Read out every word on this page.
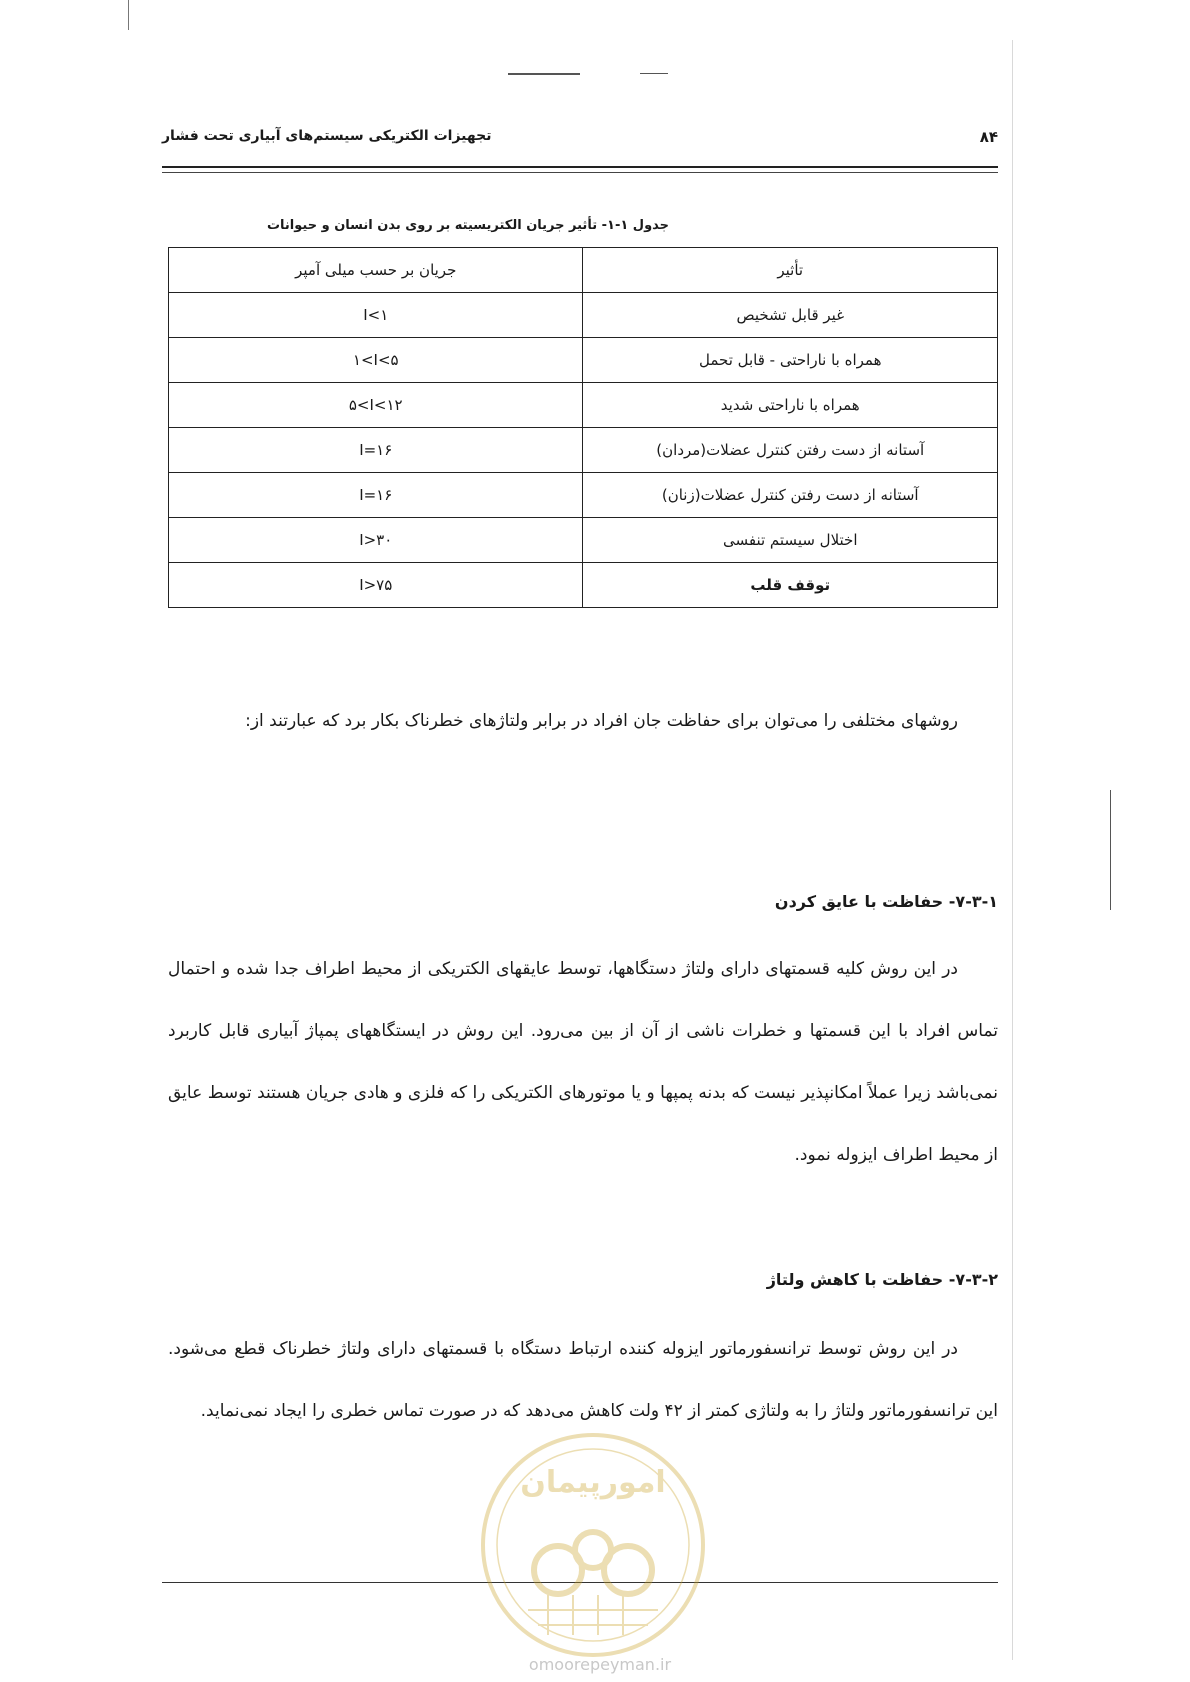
۸۴
تجهیزات الکتریکی سیستم‌های آبیاری تحت فشار
جدول ۱-۱- تأثیر جریان الکتریسیته بر روی بدن انسان و حیوانات
تأثیر	جریان بر حسب میلی آمپر
غیر قابل تشخیص	I<۱
همراه با ناراحتی - قابل تحمل	۱<I<۵
همراه با ناراحتی شدید	۵<I<۱۲
آستانه از دست رفتن کنترل عضلات(مردان)	I=۱۶
آستانه از دست رفتن کنترل عضلات(زنان)	I=۱۶
اختلال سیستم تنفسی	I>۳۰
توقف قلب	I>۷۵

روشهای مختلفی را می‌توان برای حفاظت جان افراد در برابر ولتاژهای خطرناک بکار برد که عبارتند از:

۷-۳-۱- حفاظت با عایق کردن

در این روش کلیه قسمتهای دارای ولتاژ دستگاهها، توسط عایقهای الکتریکی از محیط اطراف جدا شده و احتمال تماس افراد با این قسمتها و خطرات ناشی از آن از بین می‌رود. این روش در ایستگاههای پمپاژ آبیاری قابل کاربرد نمی‌باشد زیرا عملاً امکانپذیر نیست که بدنه پمپها و یا موتورهای الکتریکی را که فلزی و هادی جریان هستند توسط عایق از محیط اطراف ایزوله نمود.

۷-۳-۲- حفاظت با کاهش ولتاژ

در این روش توسط ترانسفورماتور ایزوله کننده ارتباط دستگاه با قسمتهای دارای ولتاژ خطرناک قطع می‌شود. این ترانسفورماتور ولتاژ را به ولتاژی کمتر از ۴۲ ولت کاهش می‌دهد که در صورت تماس خطری را ایجاد نمی‌نماید.

امورپیمان
omoorepeyman.ir
